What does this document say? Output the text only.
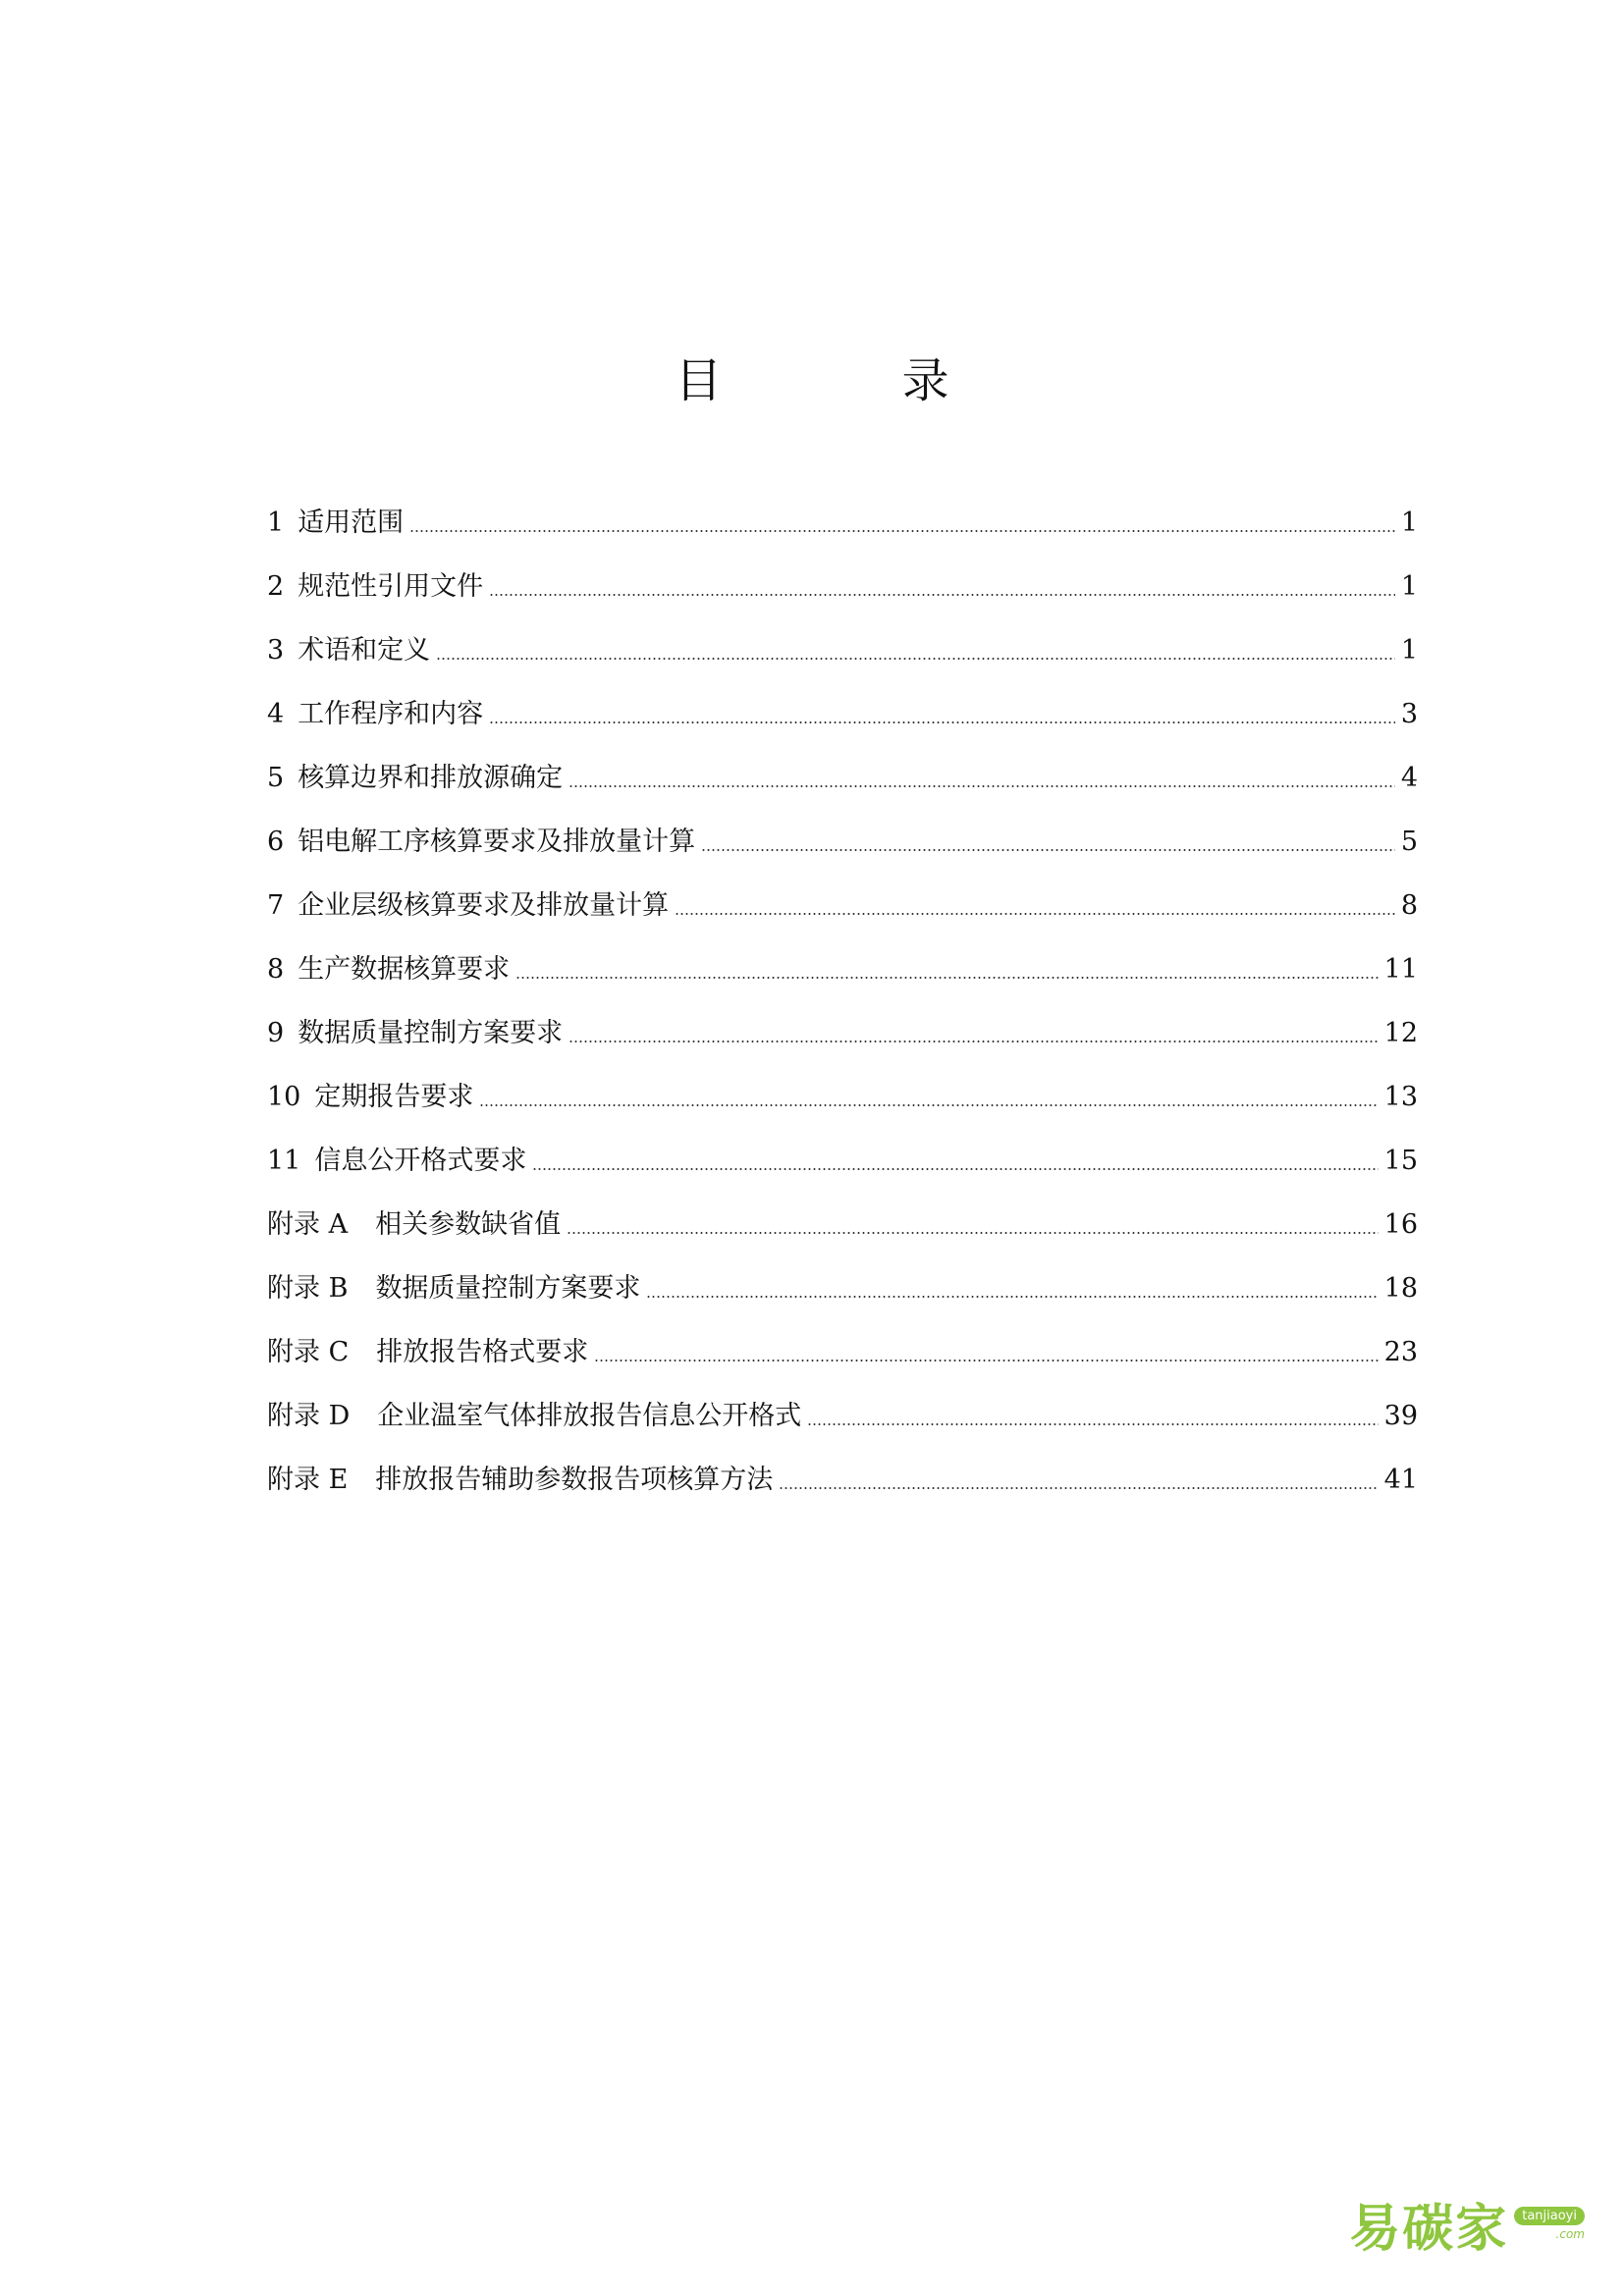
目 录
1 适用范围	1
2 规范性引用文件	1
3 术语和定义	1
4 工作程序和内容	3
5 核算边界和排放源确定	4
6 铝电解工序核算要求及排放量计算	5
7 企业层级核算要求及排放量计算	8
8 生产数据核算要求	11
9 数据质量控制方案要求	12
10 定期报告要求	13
11 信息公开格式要求	15
附录 A 相关参数缺省值	16
附录 B 数据质量控制方案要求	18
附录 C 排放报告格式要求	23
附录 D 企业温室气体排放报告信息公开格式	39
附录 E 排放报告辅助参数报告项核算方法	41
易碳家	tanjiaoyi
.com
